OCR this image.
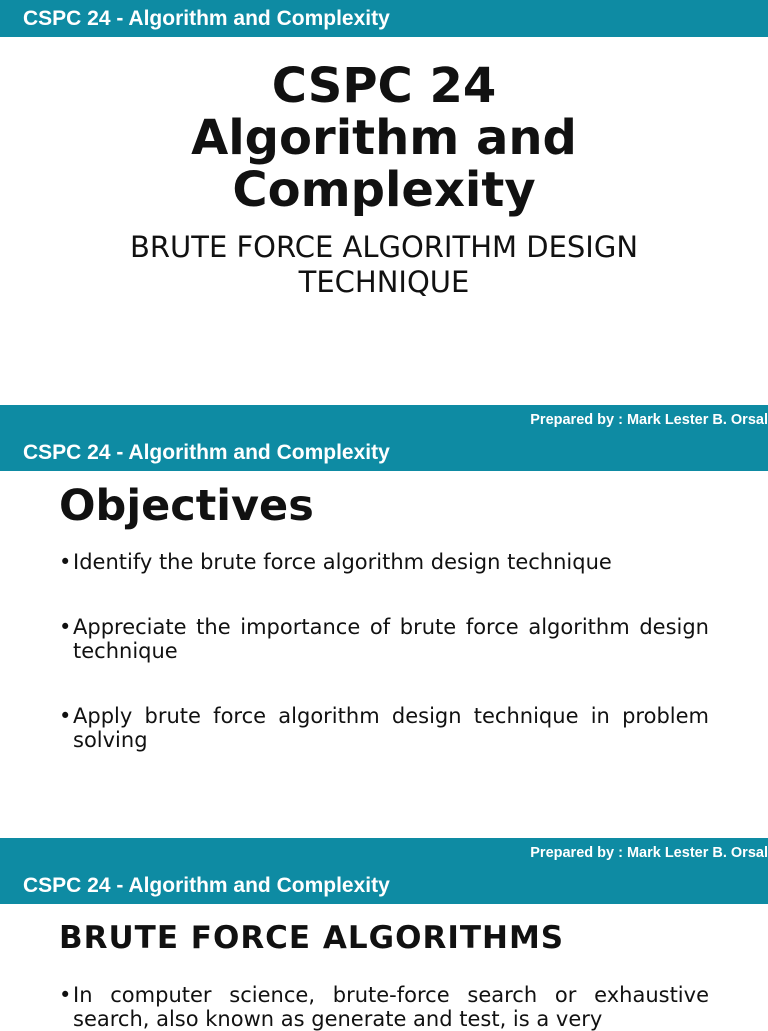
CSPC 24 - Algorithm and Complexity
CSPC 24
Algorithm and
Complexity
BRUTE FORCE ALGORITHM DESIGN
TECHNIQUE
Prepared by : Mark Lester B. Orsal
CSPC 24 - Algorithm and Complexity
Objectives
• Identify the brute force algorithm design technique
• Appreciate the importance of brute force algorithm design technique
• Apply brute force algorithm design technique in problem solving
Prepared by : Mark Lester B. Orsal
CSPC 24 - Algorithm and Complexity
BRUTE FORCE ALGORITHMS
• In computer science, brute-force search or exhaustive search, also known as generate and test, is a very
